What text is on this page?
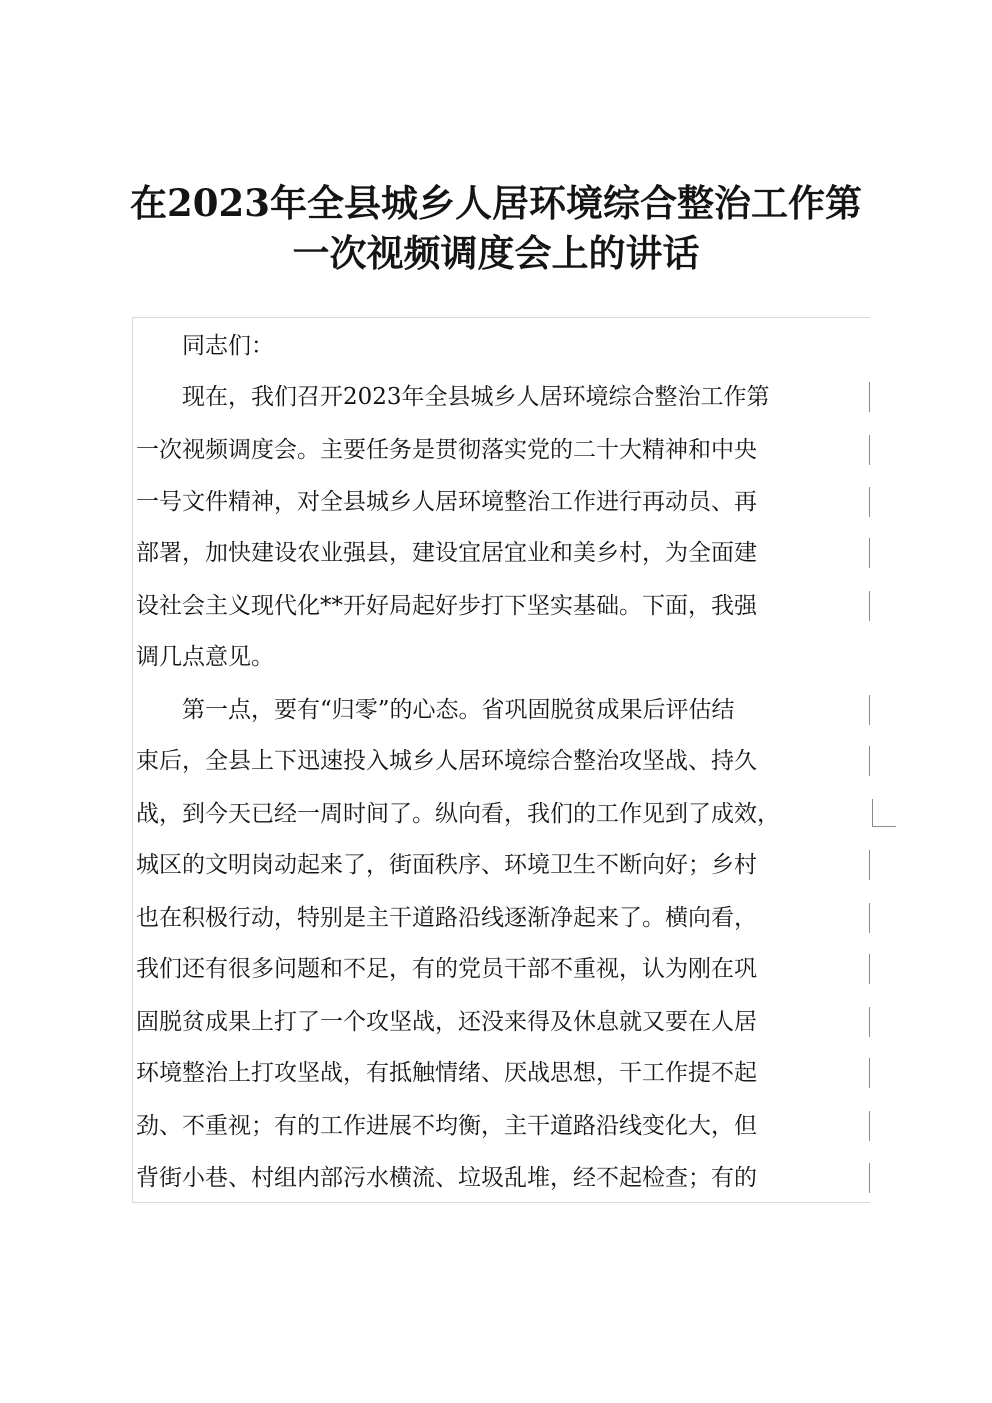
在2023年全县城乡人居环境综合整治工作第
一次视频调度会上的讲话
　　同志们：
　　现在，我们召开2023年全县城乡人居环境综合整治工作第
一次视频调度会。主要任务是贯彻落实党的二十大精神和中央
一号文件精神，对全县城乡人居环境整治工作进行再动员、再
部署，加快建设农业强县，建设宜居宜业和美乡村，为全面建
设社会主义现代化**开好局起好步打下坚实基础。下面，我强
调几点意见。
　　第一点，要有“归零”的心态。省巩固脱贫成果后评估结
束后，全县上下迅速投入城乡人居环境综合整治攻坚战、持久
战，到今天已经一周时间了。纵向看，我们的工作见到了成效，
城区的文明岗动起来了，街面秩序、环境卫生不断向好；乡村
也在积极行动，特别是主干道路沿线逐渐净起来了。横向看，
我们还有很多问题和不足，有的党员干部不重视，认为刚在巩
固脱贫成果上打了一个攻坚战，还没来得及休息就又要在人居
环境整治上打攻坚战，有抵触情绪、厌战思想，干工作提不起
劲、不重视；有的工作进展不均衡，主干道路沿线变化大，但
背街小巷、村组内部污水横流、垃圾乱堆，经不起检查；有的
